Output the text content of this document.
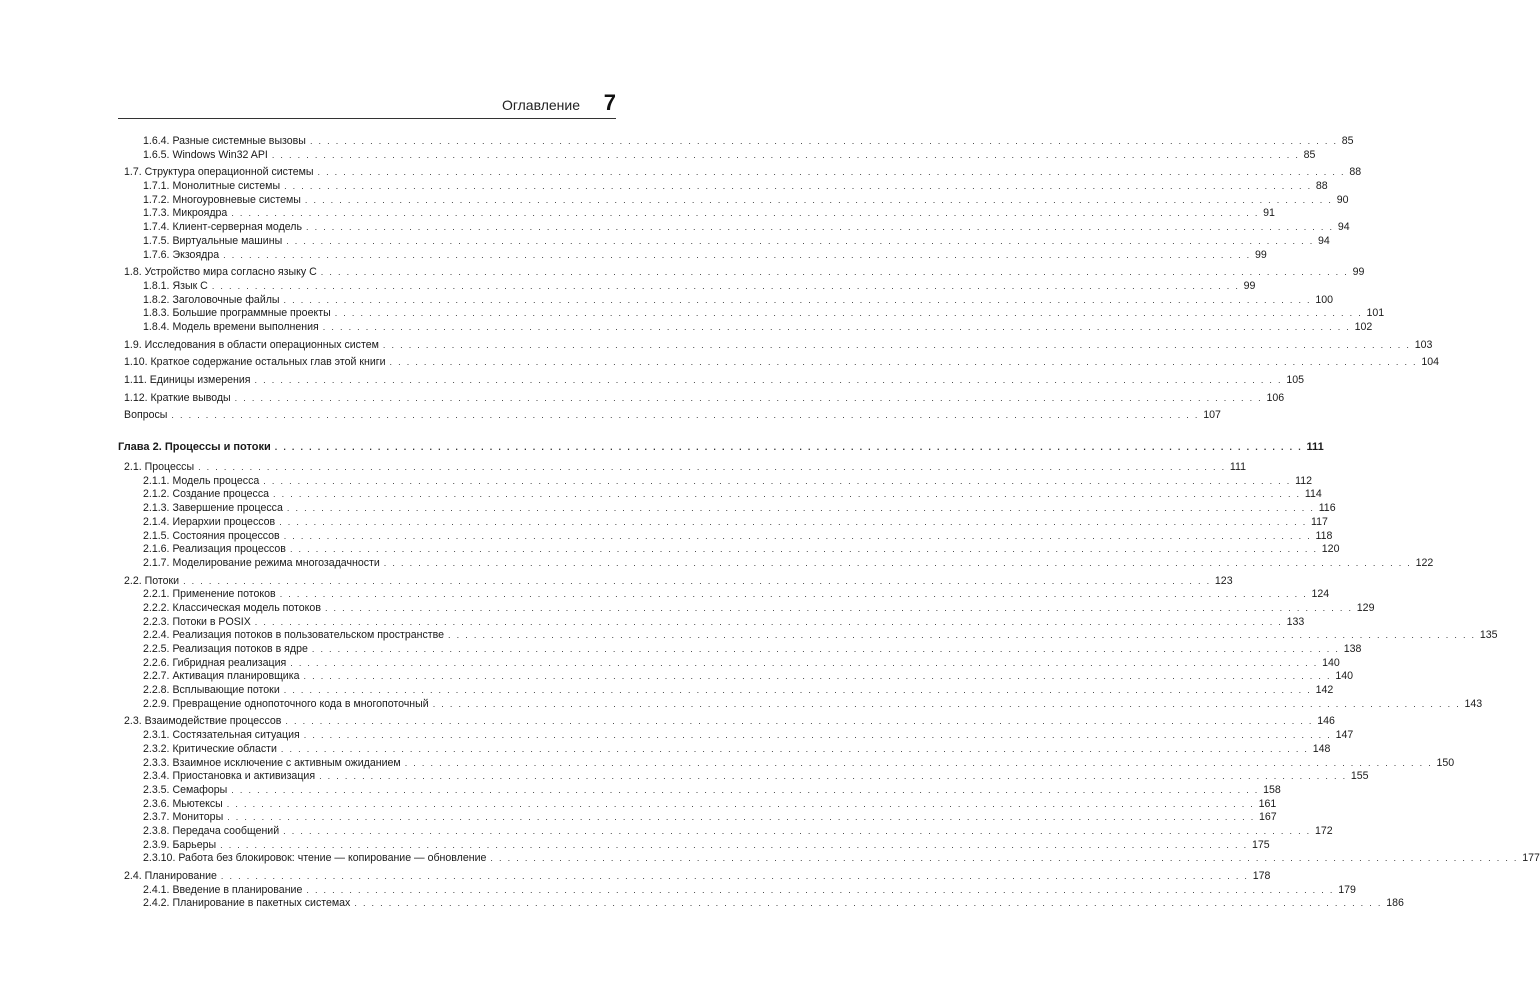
Оглавление 7
1.6.4. Разные системные вызовы . . . . . . . . . . . . . . . . . . . . . . . . . . . . . . . . . . . . . . . . . . . . . . . . . . . . . . . . . . . . . . . . . . . . . . . . . . . . . . . . . . . . . . . . . . . . . . . . . . . . . . . . . . . . . . . . . . . . . . . . 85
1.6.5. Windows Win32 API . . . . . . . . . . . . . . . . . . . . . . . . . . . . . . . . . . . . . . . . . . . . . . . . . . . . . . . . . . . . . . . . . . . . . . . . . . . . . . . . . . . . . . . . . . . . . . . . . . . . . . . . . . . . . . . . . . . . . . . . 85
1.7. Структура операционной системы . . . . . . . . . . . . . . . . . . . . . . . . . . . . . . . . . . . . . . . . . . . . . . . . . . . . . . . . . . . . . . . . . . . . . . . . . . . . . . . . . . . . . . . . . . . . . . . . . . . . . . . . . . . . . . . . . . . . . . . . 88
1.7.1. Монолитные системы . . . . . . . . . . . . . . . . . . . . . . . . . . . . . . . . . . . . . . . . . . . . . . . . . . . . . . . . . . . . . . . . . . . . . . . . . . . . . . . . . . . . . . . . . . . . . . . . . . . . . . . . . . . . . . . . . . . . . . . . 88
1.7.2. Многоуровневые системы . . . . . . . . . . . . . . . . . . . . . . . . . . . . . . . . . . . . . . . . . . . . . . . . . . . . . . . . . . . . . . . . . . . . . . . . . . . . . . . . . . . . . . . . . . . . . . . . . . . . . . . . . . . . . . . . . . . . . . . . 90
1.7.3. Микроядра . . . . . . . . . . . . . . . . . . . . . . . . . . . . . . . . . . . . . . . . . . . . . . . . . . . . . . . . . . . . . . . . . . . . . . . . . . . . . . . . . . . . . . . . . . . . . . . . . . . . . . . . . . . . . . . . . . . . . . . . 91
1.7.4. Клиент-серверная модель . . . . . . . . . . . . . . . . . . . . . . . . . . . . . . . . . . . . . . . . . . . . . . . . . . . . . . . . . . . . . . . . . . . . . . . . . . . . . . . . . . . . . . . . . . . . . . . . . . . . . . . . . . . . . . . . . . . . . . . . 94
1.7.5. Виртуальные машины . . . . . . . . . . . . . . . . . . . . . . . . . . . . . . . . . . . . . . . . . . . . . . . . . . . . . . . . . . . . . . . . . . . . . . . . . . . . . . . . . . . . . . . . . . . . . . . . . . . . . . . . . . . . . . . . . . . . . . . . 94
1.7.6. Экзоядра . . . . . . . . . . . . . . . . . . . . . . . . . . . . . . . . . . . . . . . . . . . . . . . . . . . . . . . . . . . . . . . . . . . . . . . . . . . . . . . . . . . . . . . . . . . . . . . . . . . . . . . . . . . . . . . . . . . . . . . . 99
1.8. Устройство мира согласно языку С . . . . . . . . . . . . . . . . . . . . . . . . . . . . . . . . . . . . . . . . . . . . . . . . . . . . . . . . . . . . . . . . . . . . . . . . . . . . . . . . . . . . . . . . . . . . . . . . . . . . . . . . . . . . . . . . . . . . . . . . 99
1.8.1. Язык С . . . . . . . . . . . . . . . . . . . . . . . . . . . . . . . . . . . . . . . . . . . . . . . . . . . . . . . . . . . . . . . . . . . . . . . . . . . . . . . . . . . . . . . . . . . . . . . . . . . . . . . . . . . . . . . . . . . . . . . . 99
1.8.2. Заголовочные файлы . . . . . . . . . . . . . . . . . . . . . . . . . . . . . . . . . . . . . . . . . . . . . . . . . . . . . . . . . . . . . . . . . . . . . . . . . . . . . . . . . . . . . . . . . . . . . . . . . . . . . . . . . . . . . . . . . . . . . . . . 100
1.8.3. Большие программные проекты . . . . . . . . . . . . . . . . . . . . . . . . . . . . . . . . . . . . . . . . . . . . . . . . . . . . . . . . . . . . . . . . . . . . . . . . . . . . . . . . . . . . . . . . . . . . . . . . . . . . . . . . . . . . . . . . . . . . . . . . 101
1.8.4. Модель времени выполнения . . . . . . . . . . . . . . . . . . . . . . . . . . . . . . . . . . . . . . . . . . . . . . . . . . . . . . . . . . . . . . . . . . . . . . . . . . . . . . . . . . . . . . . . . . . . . . . . . . . . . . . . . . . . . . . . . . . . . . . . 102
1.9. Исследования в области операционных систем . . . . . . . . . . . . . . . . . . . . . . . . . . . . . . . . . . . . . . . . . . . . . . . . . . . . . . . . . . . . . . . . . . . . . . . . . . . . . . . . . . . . . . . . . . . . . . . . . . . . . . . . . . . . . . . . . . . . . . . . 103
1.10. Краткое содержание остальных глав этой книги . . . . . . . . . . . . . . . . . . . . . . . . . . . . . . . . . . . . . . . . . . . . . . . . . . . . . . . . . . . . . . . . . . . . . . . . . . . . . . . . . . . . . . . . . . . . . . . . . . . . . . . . . . . . . . . . . . . . . . . . 104
1.11. Единицы измерения . . . . . . . . . . . . . . . . . . . . . . . . . . . . . . . . . . . . . . . . . . . . . . . . . . . . . . . . . . . . . . . . . . . . . . . . . . . . . . . . . . . . . . . . . . . . . . . . . . . . . . . . . . . . . . . . . . . . . . . . 105
1.12. Краткие выводы . . . . . . . . . . . . . . . . . . . . . . . . . . . . . . . . . . . . . . . . . . . . . . . . . . . . . . . . . . . . . . . . . . . . . . . . . . . . . . . . . . . . . . . . . . . . . . . . . . . . . . . . . . . . . . . . . . . . . . . . 106
Вопросы . . . . . . . . . . . . . . . . . . . . . . . . . . . . . . . . . . . . . . . . . . . . . . . . . . . . . . . . . . . . . . . . . . . . . . . . . . . . . . . . . . . . . . . . . . . . . . . . . . . . . . . . . . . . . . . . . . . . . . . . 107
Глава 2. Процессы и потоки . . . . . . . . . . . . . . . . . . . . . . . . . . . . . . . . . . . . . . . . . . . . . . . . . . . . . . . . . . . . . . . . . . . . . . . . . . . . . . . . . . . . . . . . . . . . . . . . . . . . . . . . . . . . . . . . . . . . . . . . 111
2.1. Процессы . . . . . . . . . . . . . . . . . . . . . . . . . . . . . . . . . . . . . . . . . . . . . . . . . . . . . . . . . . . . . . . . . . . . . . . . . . . . . . . . . . . . . . . . . . . . . . . . . . . . . . . . . . . . . . . . . . . . . . . . 111
2.1.1. Модель процесса . . . . . . . . . . . . . . . . . . . . . . . . . . . . . . . . . . . . . . . . . . . . . . . . . . . . . . . . . . . . . . . . . . . . . . . . . . . . . . . . . . . . . . . . . . . . . . . . . . . . . . . . . . . . . . . . . . . . . . . . 112
2.1.2. Создание процесса . . . . . . . . . . . . . . . . . . . . . . . . . . . . . . . . . . . . . . . . . . . . . . . . . . . . . . . . . . . . . . . . . . . . . . . . . . . . . . . . . . . . . . . . . . . . . . . . . . . . . . . . . . . . . . . . . . . . . . . . 114
2.1.3. Завершение процесса . . . . . . . . . . . . . . . . . . . . . . . . . . . . . . . . . . . . . . . . . . . . . . . . . . . . . . . . . . . . . . . . . . . . . . . . . . . . . . . . . . . . . . . . . . . . . . . . . . . . . . . . . . . . . . . . . . . . . . . . 116
2.1.4. Иерархии процессов . . . . . . . . . . . . . . . . . . . . . . . . . . . . . . . . . . . . . . . . . . . . . . . . . . . . . . . . . . . . . . . . . . . . . . . . . . . . . . . . . . . . . . . . . . . . . . . . . . . . . . . . . . . . . . . . . . . . . . . . 117
2.1.5. Состояния процессов . . . . . . . . . . . . . . . . . . . . . . . . . . . . . . . . . . . . . . . . . . . . . . . . . . . . . . . . . . . . . . . . . . . . . . . . . . . . . . . . . . . . . . . . . . . . . . . . . . . . . . . . . . . . . . . . . . . . . . . . 118
2.1.6. Реализация процессов . . . . . . . . . . . . . . . . . . . . . . . . . . . . . . . . . . . . . . . . . . . . . . . . . . . . . . . . . . . . . . . . . . . . . . . . . . . . . . . . . . . . . . . . . . . . . . . . . . . . . . . . . . . . . . . . . . . . . . . . 120
2.1.7. Моделирование режима многозадачности . . . . . . . . . . . . . . . . . . . . . . . . . . . . . . . . . . . . . . . . . . . . . . . . . . . . . . . . . . . . . . . . . . . . . . . . . . . . . . . . . . . . . . . . . . . . . . . . . . . . . . . . . . . . . . . . . . . . . . . . 122
2.2. Потоки . . . . . . . . . . . . . . . . . . . . . . . . . . . . . . . . . . . . . . . . . . . . . . . . . . . . . . . . . . . . . . . . . . . . . . . . . . . . . . . . . . . . . . . . . . . . . . . . . . . . . . . . . . . . . . . . . . . . . . . . 123
2.2.1. Применение потоков . . . . . . . . . . . . . . . . . . . . . . . . . . . . . . . . . . . . . . . . . . . . . . . . . . . . . . . . . . . . . . . . . . . . . . . . . . . . . . . . . . . . . . . . . . . . . . . . . . . . . . . . . . . . . . . . . . . . . . . . 124
2.2.2. Классическая модель потоков . . . . . . . . . . . . . . . . . . . . . . . . . . . . . . . . . . . . . . . . . . . . . . . . . . . . . . . . . . . . . . . . . . . . . . . . . . . . . . . . . . . . . . . . . . . . . . . . . . . . . . . . . . . . . . . . . . . . . . . . 129
2.2.3. Потоки в POSIX . . . . . . . . . . . . . . . . . . . . . . . . . . . . . . . . . . . . . . . . . . . . . . . . . . . . . . . . . . . . . . . . . . . . . . . . . . . . . . . . . . . . . . . . . . . . . . . . . . . . . . . . . . . . . . . . . . . . . . . . 133
2.2.4. Реализация потоков в пользовательском пространстве . . . . . . . . . . . . . . . . . . . . . . . . . . . . . . . . . . . . . . . . . . . . . . . . . . . . . . . . . . . . . . . . . . . . . . . . . . . . . . . . . . . . . . . . . . . . . . . . . . . . . . . . . . . . . . . . . . . . . . . . 135
2.2.5. Реализация потоков в ядре . . . . . . . . . . . . . . . . . . . . . . . . . . . . . . . . . . . . . . . . . . . . . . . . . . . . . . . . . . . . . . . . . . . . . . . . . . . . . . . . . . . . . . . . . . . . . . . . . . . . . . . . . . . . . . . . . . . . . . . . 138
2.2.6. Гибридная реализация . . . . . . . . . . . . . . . . . . . . . . . . . . . . . . . . . . . . . . . . . . . . . . . . . . . . . . . . . . . . . . . . . . . . . . . . . . . . . . . . . . . . . . . . . . . . . . . . . . . . . . . . . . . . . . . . . . . . . . . . 140
2.2.7. Активация планировщика . . . . . . . . . . . . . . . . . . . . . . . . . . . . . . . . . . . . . . . . . . . . . . . . . . . . . . . . . . . . . . . . . . . . . . . . . . . . . . . . . . . . . . . . . . . . . . . . . . . . . . . . . . . . . . . . . . . . . . . . 140
2.2.8. Всплывающие потоки . . . . . . . . . . . . . . . . . . . . . . . . . . . . . . . . . . . . . . . . . . . . . . . . . . . . . . . . . . . . . . . . . . . . . . . . . . . . . . . . . . . . . . . . . . . . . . . . . . . . . . . . . . . . . . . . . . . . . . . . 142
2.2.9. Превращение однопоточного кода в многопоточный . . . . . . . . . . . . . . . . . . . . . . . . . . . . . . . . . . . . . . . . . . . . . . . . . . . . . . . . . . . . . . . . . . . . . . . . . . . . . . . . . . . . . . . . . . . . . . . . . . . . . . . . . . . . . . . . . . . . . . . . 143
2.3. Взаимодействие процессов . . . . . . . . . . . . . . . . . . . . . . . . . . . . . . . . . . . . . . . . . . . . . . . . . . . . . . . . . . . . . . . . . . . . . . . . . . . . . . . . . . . . . . . . . . . . . . . . . . . . . . . . . . . . . . . . . . . . . . . . 146
2.3.1. Состязательная ситуация . . . . . . . . . . . . . . . . . . . . . . . . . . . . . . . . . . . . . . . . . . . . . . . . . . . . . . . . . . . . . . . . . . . . . . . . . . . . . . . . . . . . . . . . . . . . . . . . . . . . . . . . . . . . . . . . . . . . . . . . 147
2.3.2. Критические области . . . . . . . . . . . . . . . . . . . . . . . . . . . . . . . . . . . . . . . . . . . . . . . . . . . . . . . . . . . . . . . . . . . . . . . . . . . . . . . . . . . . . . . . . . . . . . . . . . . . . . . . . . . . . . . . . . . . . . . . 148
2.3.3. Взаимное исключение с активным ожиданием . . . . . . . . . . . . . . . . . . . . . . . . . . . . . . . . . . . . . . . . . . . . . . . . . . . . . . . . . . . . . . . . . . . . . . . . . . . . . . . . . . . . . . . . . . . . . . . . . . . . . . . . . . . . . . . . . . . . . . . . 150
2.3.4. Приостановка и активизация . . . . . . . . . . . . . . . . . . . . . . . . . . . . . . . . . . . . . . . . . . . . . . . . . . . . . . . . . . . . . . . . . . . . . . . . . . . . . . . . . . . . . . . . . . . . . . . . . . . . . . . . . . . . . . . . . . . . . . . . 155
2.3.5. Семафоры . . . . . . . . . . . . . . . . . . . . . . . . . . . . . . . . . . . . . . . . . . . . . . . . . . . . . . . . . . . . . . . . . . . . . . . . . . . . . . . . . . . . . . . . . . . . . . . . . . . . . . . . . . . . . . . . . . . . . . . . 158
2.3.6. Мьютексы . . . . . . . . . . . . . . . . . . . . . . . . . . . . . . . . . . . . . . . . . . . . . . . . . . . . . . . . . . . . . . . . . . . . . . . . . . . . . . . . . . . . . . . . . . . . . . . . . . . . . . . . . . . . . . . . . . . . . . . . 161
2.3.7. Мониторы . . . . . . . . . . . . . . . . . . . . . . . . . . . . . . . . . . . . . . . . . . . . . . . . . . . . . . . . . . . . . . . . . . . . . . . . . . . . . . . . . . . . . . . . . . . . . . . . . . . . . . . . . . . . . . . . . . . . . . . . 167
2.3.8. Передача сообщений . . . . . . . . . . . . . . . . . . . . . . . . . . . . . . . . . . . . . . . . . . . . . . . . . . . . . . . . . . . . . . . . . . . . . . . . . . . . . . . . . . . . . . . . . . . . . . . . . . . . . . . . . . . . . . . . . . . . . . . . 172
2.3.9. Барьеры . . . . . . . . . . . . . . . . . . . . . . . . . . . . . . . . . . . . . . . . . . . . . . . . . . . . . . . . . . . . . . . . . . . . . . . . . . . . . . . . . . . . . . . . . . . . . . . . . . . . . . . . . . . . . . . . . . . . . . . . 175
2.3.10. Работа без блокировок: чтение — копирование — обновление . . . . . . . . . . . . . . . . . . . . . . . . . . . . . . . . . . . . . . . . . . . . . . . . . . . . . . . . . . . . . . . . . . . . . . . . . . . . . . . . . . . . . . . . . . . . . . . . . . . . . . . . . . . . . . . . . . . . . . . . 177
2.4. Планирование . . . . . . . . . . . . . . . . . . . . . . . . . . . . . . . . . . . . . . . . . . . . . . . . . . . . . . . . . . . . . . . . . . . . . . . . . . . . . . . . . . . . . . . . . . . . . . . . . . . . . . . . . . . . . . . . . . . . . . . . 178
2.4.1. Введение в планирование . . . . . . . . . . . . . . . . . . . . . . . . . . . . . . . . . . . . . . . . . . . . . . . . . . . . . . . . . . . . . . . . . . . . . . . . . . . . . . . . . . . . . . . . . . . . . . . . . . . . . . . . . . . . . . . . . . . . . . . . 179
2.4.2. Планирование в пакетных системах . . . . . . . . . . . . . . . . . . . . . . . . . . . . . . . . . . . . . . . . . . . . . . . . . . . . . . . . . . . . . . . . . . . . . . . . . . . . . . . . . . . . . . . . . . . . . . . . . . . . . . . . . . . . . . . . . . . . . . . . 186
